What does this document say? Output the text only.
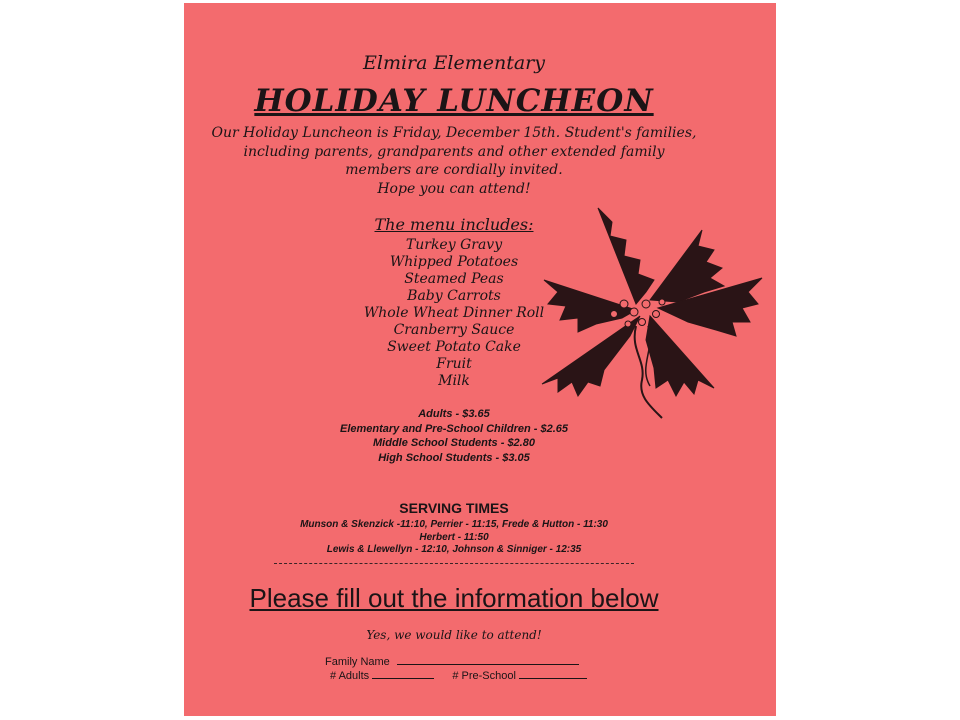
Elmira Elementary
HOLIDAY LUNCHEON
Our Holiday Luncheon is Friday, December 15th. Student's families,
including parents, grandparents and other extended family
members are cordially invited.
Hope you can attend!
The menu includes:
Turkey Gravy
Whipped Potatoes
Steamed Peas
Baby Carrots
Whole Wheat Dinner Roll
Cranberry Sauce
Sweet Potato Cake
Fruit
Milk
Adults - $3.65
Elementary and Pre-School Children - $2.65
Middle School Students - $2.80
High School Students - $3.05
SERVING TIMES
Munson & Skenzick -11:10, Perrier - 11:15, Frede & Hutton - 11:30
Herbert - 11:50
Lewis & Llewellyn - 12:10, Johnson & Sinniger - 12:35
Please fill out the information below
Yes, we would like to attend!
Family Name
# Adults	# Pre-School
